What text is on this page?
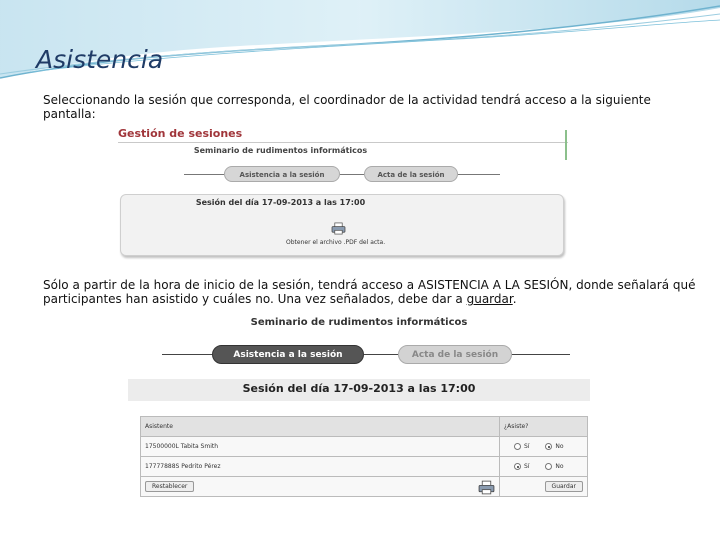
Asistencia

Seleccionando la sesión que corresponda, el coordinador de la actividad tendrá acceso a la siguiente pantalla:

Gestión de sesiones
Seminario de rudimentos informáticos
Asistencia a la sesión	Acta de la sesión
Sesión del día 17-09-2013 a las 17:00
Obtener el archivo .PDF del acta.

Sólo a partir de la hora de inicio de la sesión, tendrá acceso a ASISTENCIA A LA SESIÓN, donde señalará qué participantes han asistido y cuáles no. Una vez señalados, debe dar a guardar.

Seminario de rudimentos informáticos
Asistencia a la sesión	Acta de la sesión
Sesión del día 17-09-2013 a las 17:00
Asistente	¿Asiste?
17500000L Tabita Smith	Sí No
17777888S Pedrito Pérez	Sí No
Restablecer	Guardar
